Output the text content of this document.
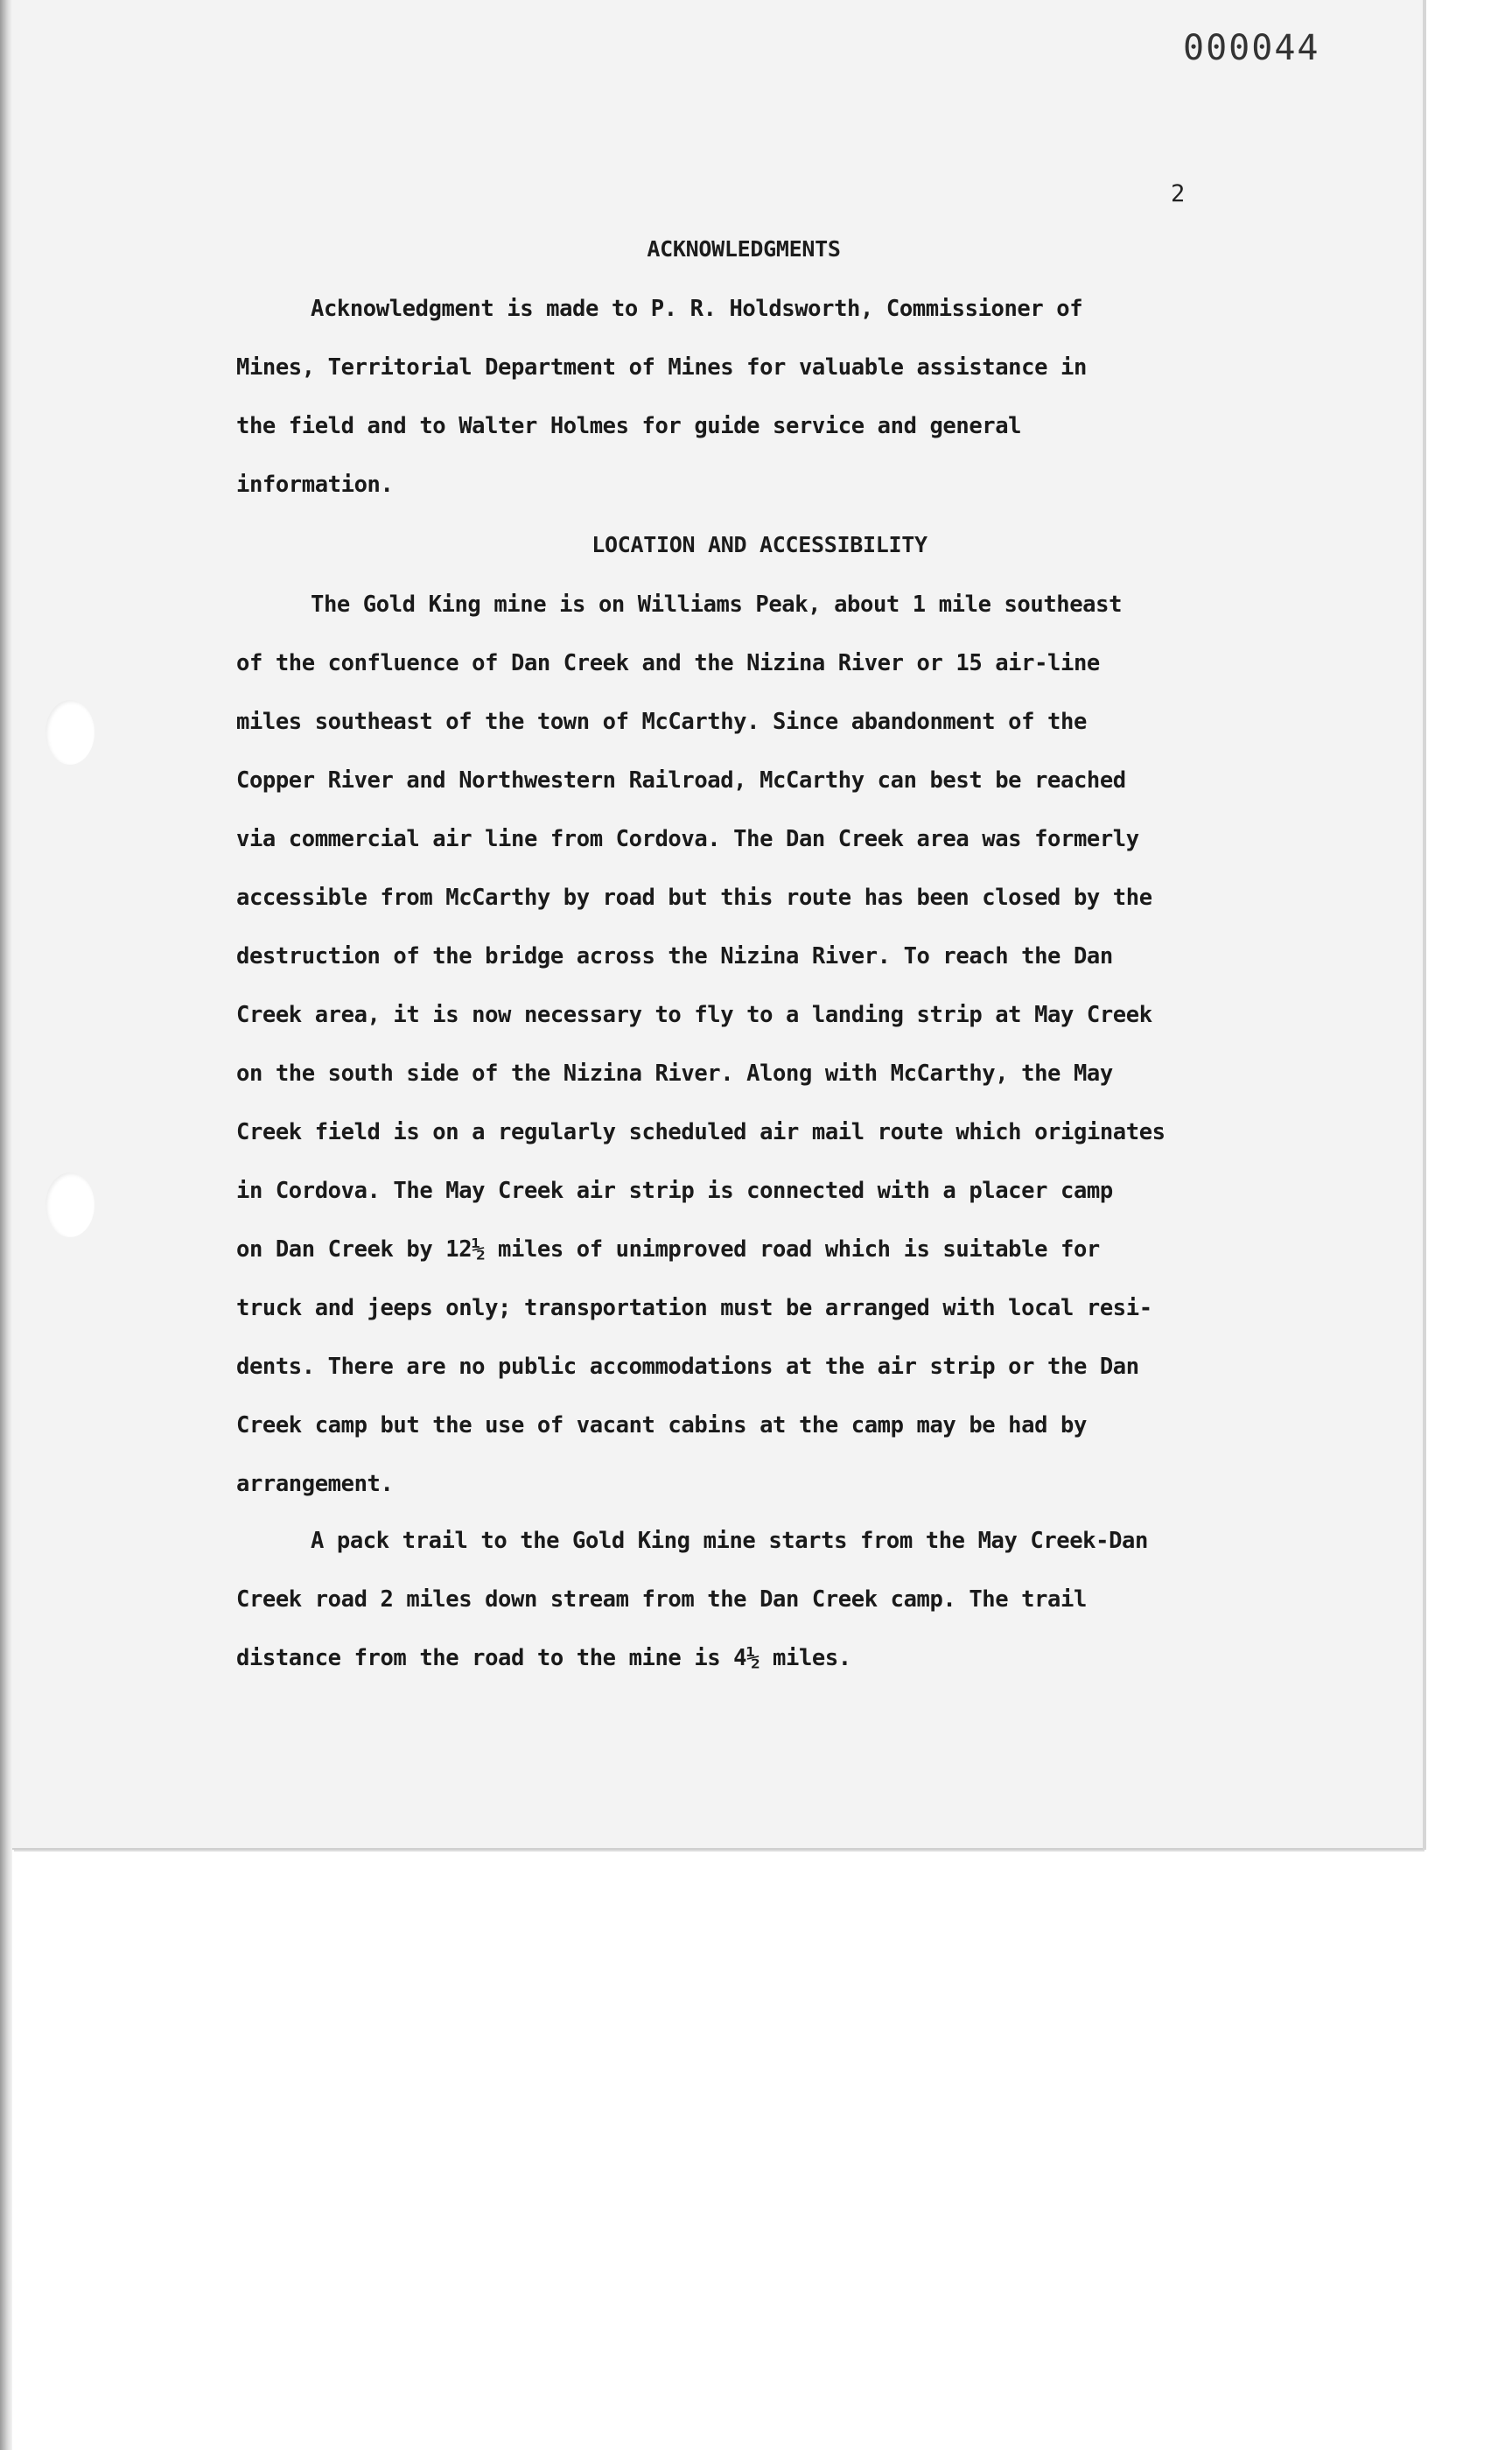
000044
2
ACKNOWLEDGMENTS
Acknowledgment is made to P. R. Holdsworth, Commissioner of
Mines, Territorial Department of Mines for valuable assistance in
the field and to Walter Holmes for guide service and general
information.
LOCATION AND ACCESSIBILITY
The Gold King mine is on Williams Peak, about 1 mile southeast
of the confluence of Dan Creek and the Nizina River or 15 air-line
miles southeast of the town of McCarthy. Since abandonment of the
Copper River and Northwestern Railroad, McCarthy can best be reached
via commercial air line from Cordova. The Dan Creek area was formerly
accessible from McCarthy by road but this route has been closed by the
destruction of the bridge across the Nizina River. To reach the Dan
Creek area, it is now necessary to fly to a landing strip at May Creek
on the south side of the Nizina River. Along with McCarthy, the May
Creek field is on a regularly scheduled air mail route which originates
in Cordova. The May Creek air strip is connected with a placer camp
on Dan Creek by 12½ miles of unimproved road which is suitable for
truck and jeeps only; transportation must be arranged with local resi-
dents. There are no public accommodations at the air strip or the Dan
Creek camp but the use of vacant cabins at the camp may be had by
arrangement.
A pack trail to the Gold King mine starts from the May Creek-Dan
Creek road 2 miles down stream from the Dan Creek camp. The trail
distance from the road to the mine is 4½ miles.
